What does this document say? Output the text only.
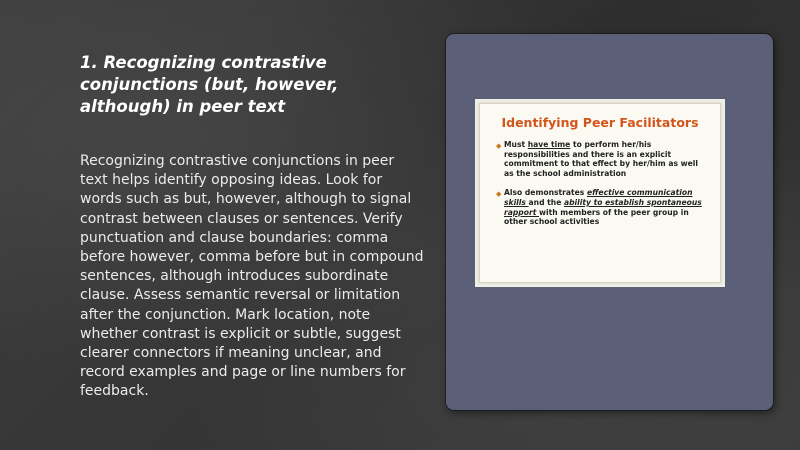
1. Recognizing contrastive conjunctions (but, however, although) in peer text
Recognizing contrastive conjunctions in peer text helps identify opposing ideas. Look for words such as but, however, although to signal contrast between clauses or sentences. Verify punctuation and clause boundaries: comma before however, comma before but in compound sentences, although introduces subordinate clause. Assess semantic reversal or limitation after the conjunction. Mark location, note whether contrast is explicit or subtle, suggest clearer connectors if meaning unclear, and record examples and page or line numbers for feedback.
Identifying Peer Facilitators
◆ Must have time to perform her/his responsibilities and there is an explicit commitment to that effect by her/him as well as the school administration
◆ Also demonstrates effective communication skills and the ability to establish spontaneous rapport with members of the peer group in other school activities
